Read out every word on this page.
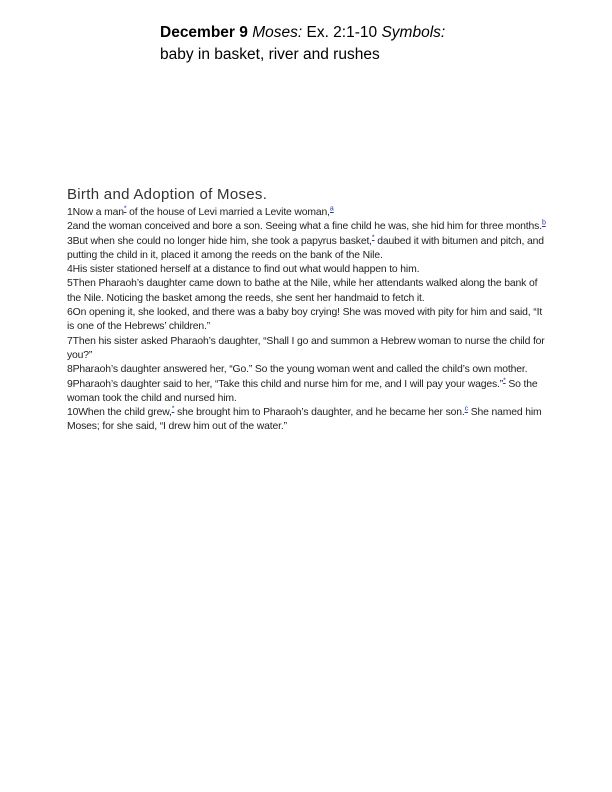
December 9 Moses: Ex. 2:1-10 Symbols: baby in basket, river and rushes
Birth and Adoption of Moses.
1Now a man* of the house of Levi married a Levite woman,$^a$
2and the woman conceived and bore a son. Seeing what a fine child he was, she hid him for three months.$^b$
3But when she could no longer hide him, she took a papyrus basket,* daubed it with bitumen and pitch, and putting the child in it, placed it among the reeds on the bank of the Nile.
4His sister stationed herself at a distance to find out what would happen to him.
5Then Pharaoh’s daughter came down to bathe at the Nile, while her attendants walked along the bank of the Nile. Noticing the basket among the reeds, she sent her handmaid to fetch it.
6On opening it, she looked, and there was a baby boy crying! She was moved with pity for him and said, “It is one of the Hebrews’ children.”
7Then his sister asked Pharaoh’s daughter, “Shall I go and summon a Hebrew woman to nurse the child for you?”
8Pharaoh’s daughter answered her, “Go.” So the young woman went and called the child’s own mother.
9Pharaoh’s daughter said to her, “Take this child and nurse him for me, and I will pay your wages.”* So the woman took the child and nursed him.
10When the child grew,* she brought him to Pharaoh’s daughter, and he became her son.$^c$ She named him Moses; for she said, “I drew him out of the water.”
